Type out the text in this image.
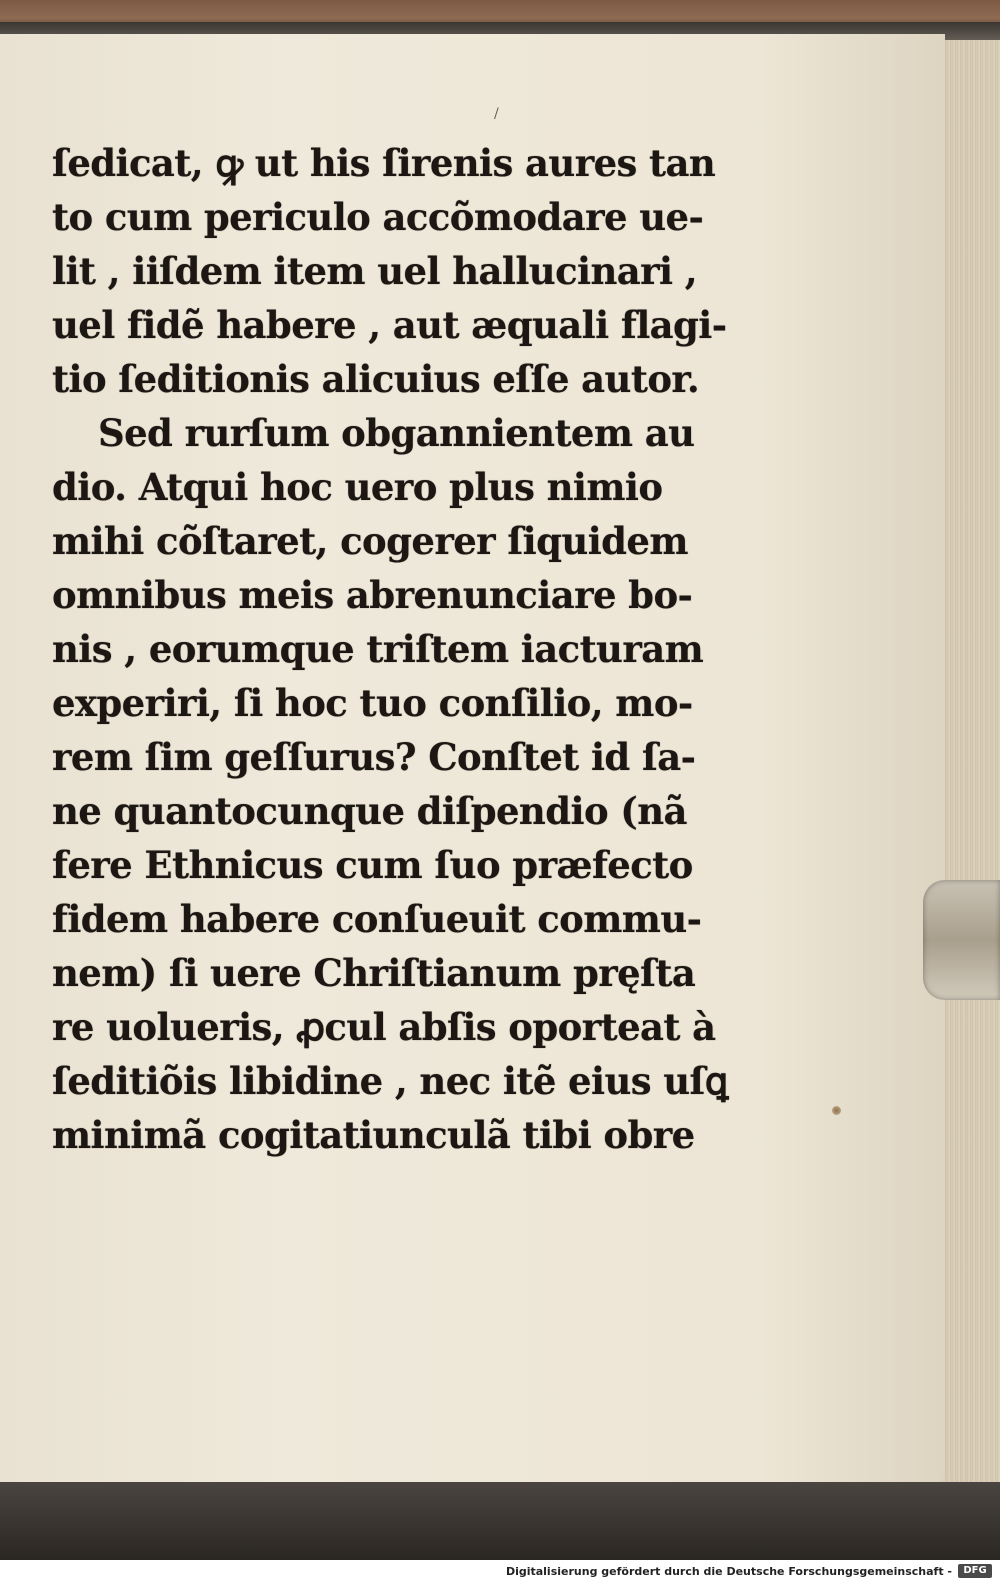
/
ſedicat, ꝙ ut his ſirenis aures tan
to cum periculo accõmodare ue-
lit , iiſdem item uel hallucinari ,
uel fidẽ habere , aut æquali flagi-
tio ſeditionis alicuius eſſe autor.
Sed rurſum obgannientem au
dio. Atqui hoc uero plus nimio
mihi cõſtaret, cogerer ſiquidem
omnibus meis abrenunciare bo-
nis , eorumque triſtem iacturam
experiri, ſi hoc tuo conſilio, mo-
rem ſim geſſurus? Conſtet id ſa-
ne quantocunque diſpendio (nã
fere Ethnicus cum ſuo præfecto
fidem habere conſueuit commu-
nem) ſi uere Chriſtianum pręſta
re uolueris, ꝓcul abſis oporteat à
ſeditiõis libidine , nec itẽ eius uſꝗ
minimã cogitatiunculã tibi obre
Digitalisierung gefördert durch die Deutsche Forschungsgemeinschaft -	DFG
